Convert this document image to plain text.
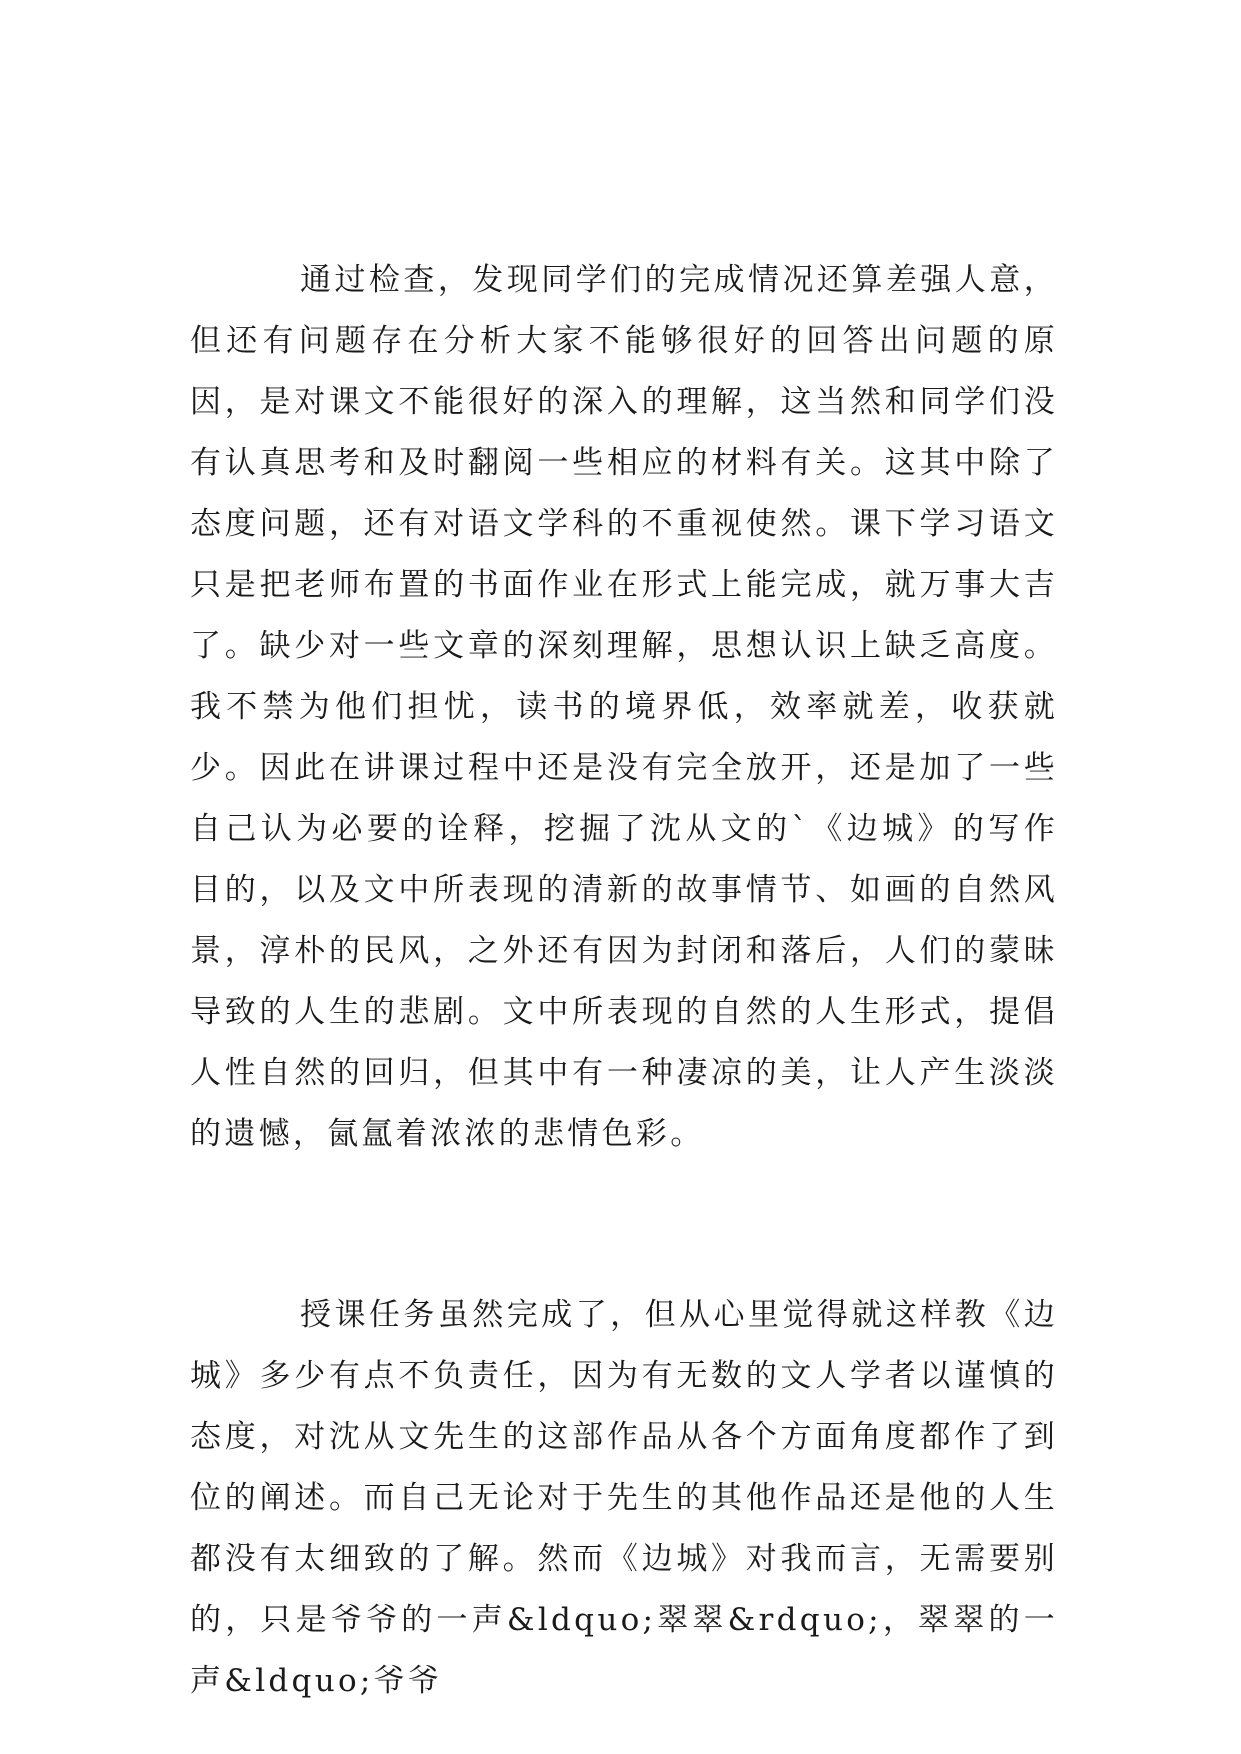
通过检查，发现同学们的完成情况还算差强人意，但还有问题存在分析大家不能够很好的回答出问题的原因，是对课文不能很好的深入的理解，这当然和同学们没有认真思考和及时翻阅一些相应的材料有关。这其中除了态度问题，还有对语文学科的不重视使然。课下学习语文只是把老师布置的书面作业在形式上能完成，就万事大吉了。缺少对一些文章的深刻理解，思想认识上缺乏高度。我不禁为他们担忧，读书的境界低，效率就差，收获就少。因此在讲课过程中还是没有完全放开，还是加了一些自己认为必要的诠释，挖掘了沈从文的`《边城》的写作目的，以及文中所表现的清新的故事情节、如画的自然风景，淳朴的民风，之外还有因为封闭和落后，人们的蒙昧导致的人生的悲剧。文中所表现的自然的人生形式，提倡人性自然的回归，但其中有一种凄凉的美，让人产生淡淡的遗憾，氤氲着浓浓的悲情色彩。

授课任务虽然完成了，但从心里觉得就这样教《边城》多少有点不负责任，因为有无数的文人学者以谨慎的态度，对沈从文先生的这部作品从各个方面角度都作了到位的阐述。而自己无论对于先生的其他作品还是他的人生都没有太细致的了解。然而《边城》对我而言，无需要别的，只是爷爷的一声&ldquo;翠翠&rdquo;，翠翠的一声&ldquo;爷爷
